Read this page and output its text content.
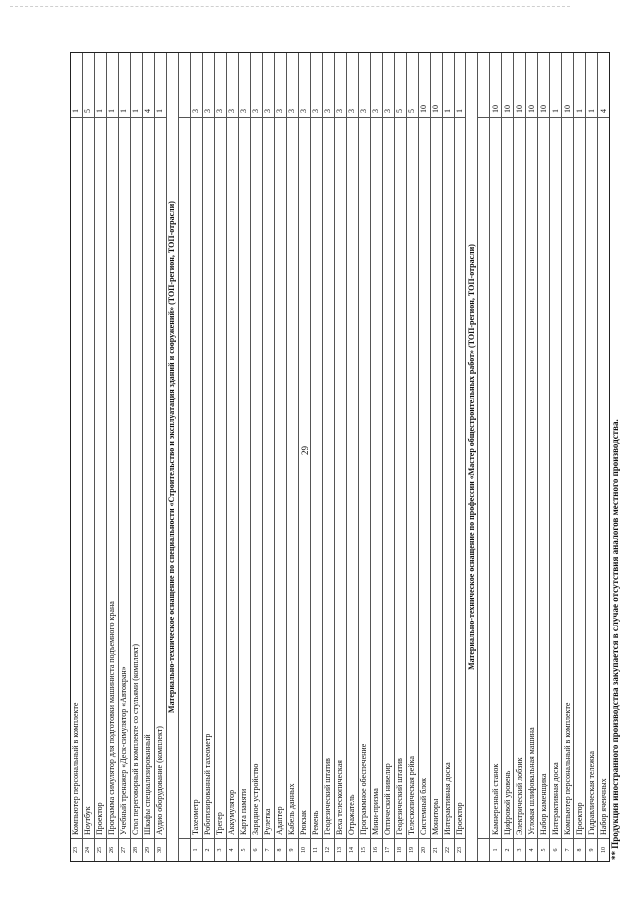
29
23
Компьютер персональный в комплекте
1
24
Ноутбук
5
25
Проектор
1
26
Программа симулятор для подготовки машиниста подъемного крана
1
27
Учебный тренажер «Деск-симулятор «Автокран»
1
28
Стол переговорный в комплекте со стульями (комплект)
1
29
Шкафы специализированный
4
30
Аудио оборудование (комплект)
1
Материально-техническое оснащение по специальности «Строительство и эксплуатация зданий и сооружений» (ТОП-регион, ТОП-отрасли)
1
Тахеометр
3
2
Роботизированный тахеометр
3
3
Трегер
3
4
Аккумулятор
3
5
Карта памяти
3
6
Зарядное устройство
3
7
Рулетка
3
8
Адаптер
3
9
Кабель данных
3
10
Рюкзак
3
11
Ремень
3
12
Геодезический штатив
3
13
Веха телескопическая
3
14
Отражатель
3
15
Программное обеспечение
3
16
Мини-призма
3
17
Оптический нивелир
3
18
Геодезический штатив
5
19
Телескопическая рейка
5
20
Системный блок
10
21
Мониторы
10
22
Интерактивная доска
1
23
Проектор
1
Материально-техническое оснащение по профессии «Мастер общестроительных работ» (ТОП-регион, ТОП-отрасли)
1
Камнерезный станок
10
2
Цифровой уровень
10
3
Электрический лобзик
10
4
Угловая шлифовальная машина
10
5
Набор каменщика
10
6
Интерактивная доска
1
7
Компьютер персональный в комплекте
10
8
Проектор
1
9
Гидравлическая тележка
1
10
Набор ячеичных
4
** Продукция иностранного производства закупается в случае отсутствия аналогов местного производства.
